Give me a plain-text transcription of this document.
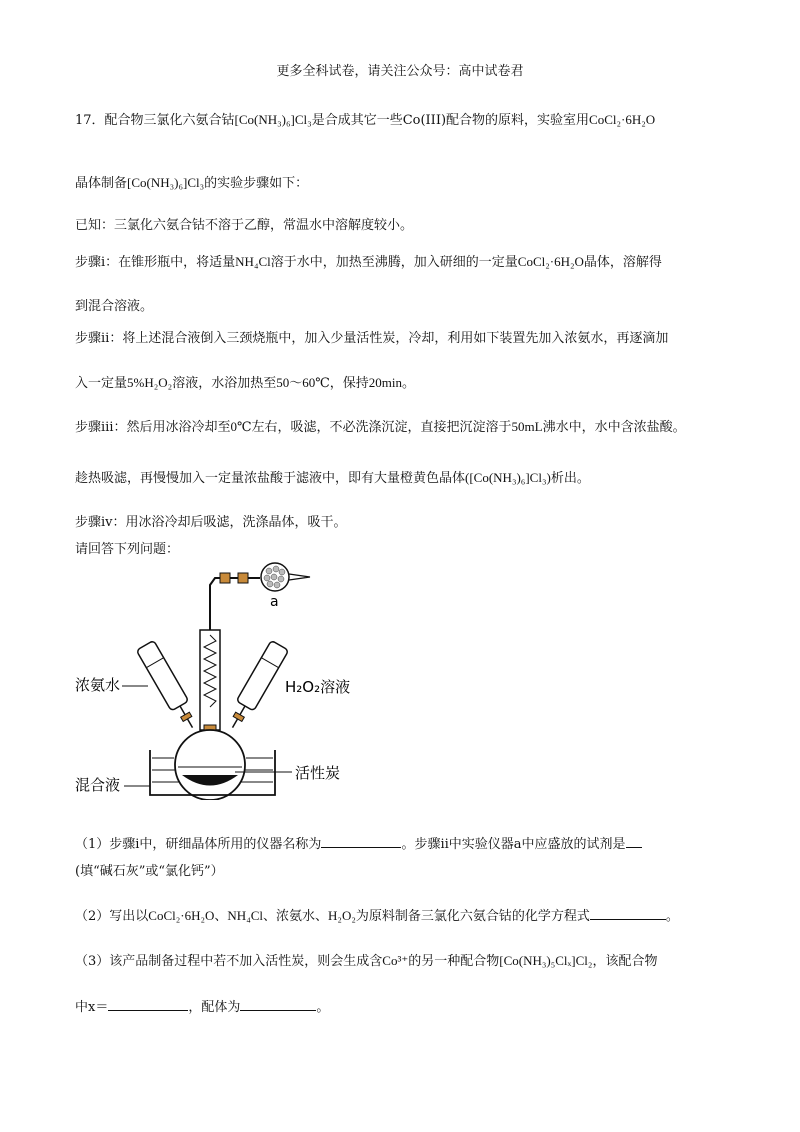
更多全科试卷，请关注公众号：高中试卷君
17．配合物三氯化六氨合钴[Co(NH₃)₆]Cl₃是合成其它一些Co(III)配合物的原料，实验室用CoCl₂·6H₂O
晶体制备[Co(NH₃)₆]Cl₃的实验步骤如下：
已知：三氯化六氨合钴不溶于乙醇，常温水中溶解度较小。
步骤ⅰ：在锥形瓶中，将适量NH₄Cl溶于水中，加热至沸腾，加入研细的一定量CoCl₂·6H₂O晶体，溶解得
到混合溶液。
步骤ⅱ：将上述混合液倒入三颈烧瓶中，加入少量活性炭，冷却，利用如下装置先加入浓氨水，再逐滴加
入一定量5%H₂O₂溶液，水浴加热至50～60℃，保持20min。
步骤ⅲ：然后用冰浴冷却至0℃左右，吸滤，不必洗涤沉淀，直接把沉淀溶于50mL沸水中，水中含浓盐酸。
趁热吸滤，再慢慢加入一定量浓盐酸于滤液中，即有大量橙黄色晶体([Co(NH₃)₆]Cl₃)析出。
步骤ⅳ：用冰浴冷却后吸滤，洗涤晶体，吸干。
请回答下列问题：
a
浓氨水	H₂O₂溶液
活性炭
混合液
（1）步骤ⅰ中，研细晶体所用的仪器名称为	。步骤ⅱ中实验仪器a中应盛放的试剂是
(填“碱石灰”或“氯化钙”）
（2）写出以CoCl₂·6H₂O、NH₄Cl、浓氨水、H₂O₂为原料制备三氯化六氨合钴的化学方程式	。
（3）该产品制备过程中若不加入活性炭，则会生成含Co³⁺的另一种配合物[Co(NH₃)₅Clₓ]Cl₂，该配合物
中x＝	，配体为	。
